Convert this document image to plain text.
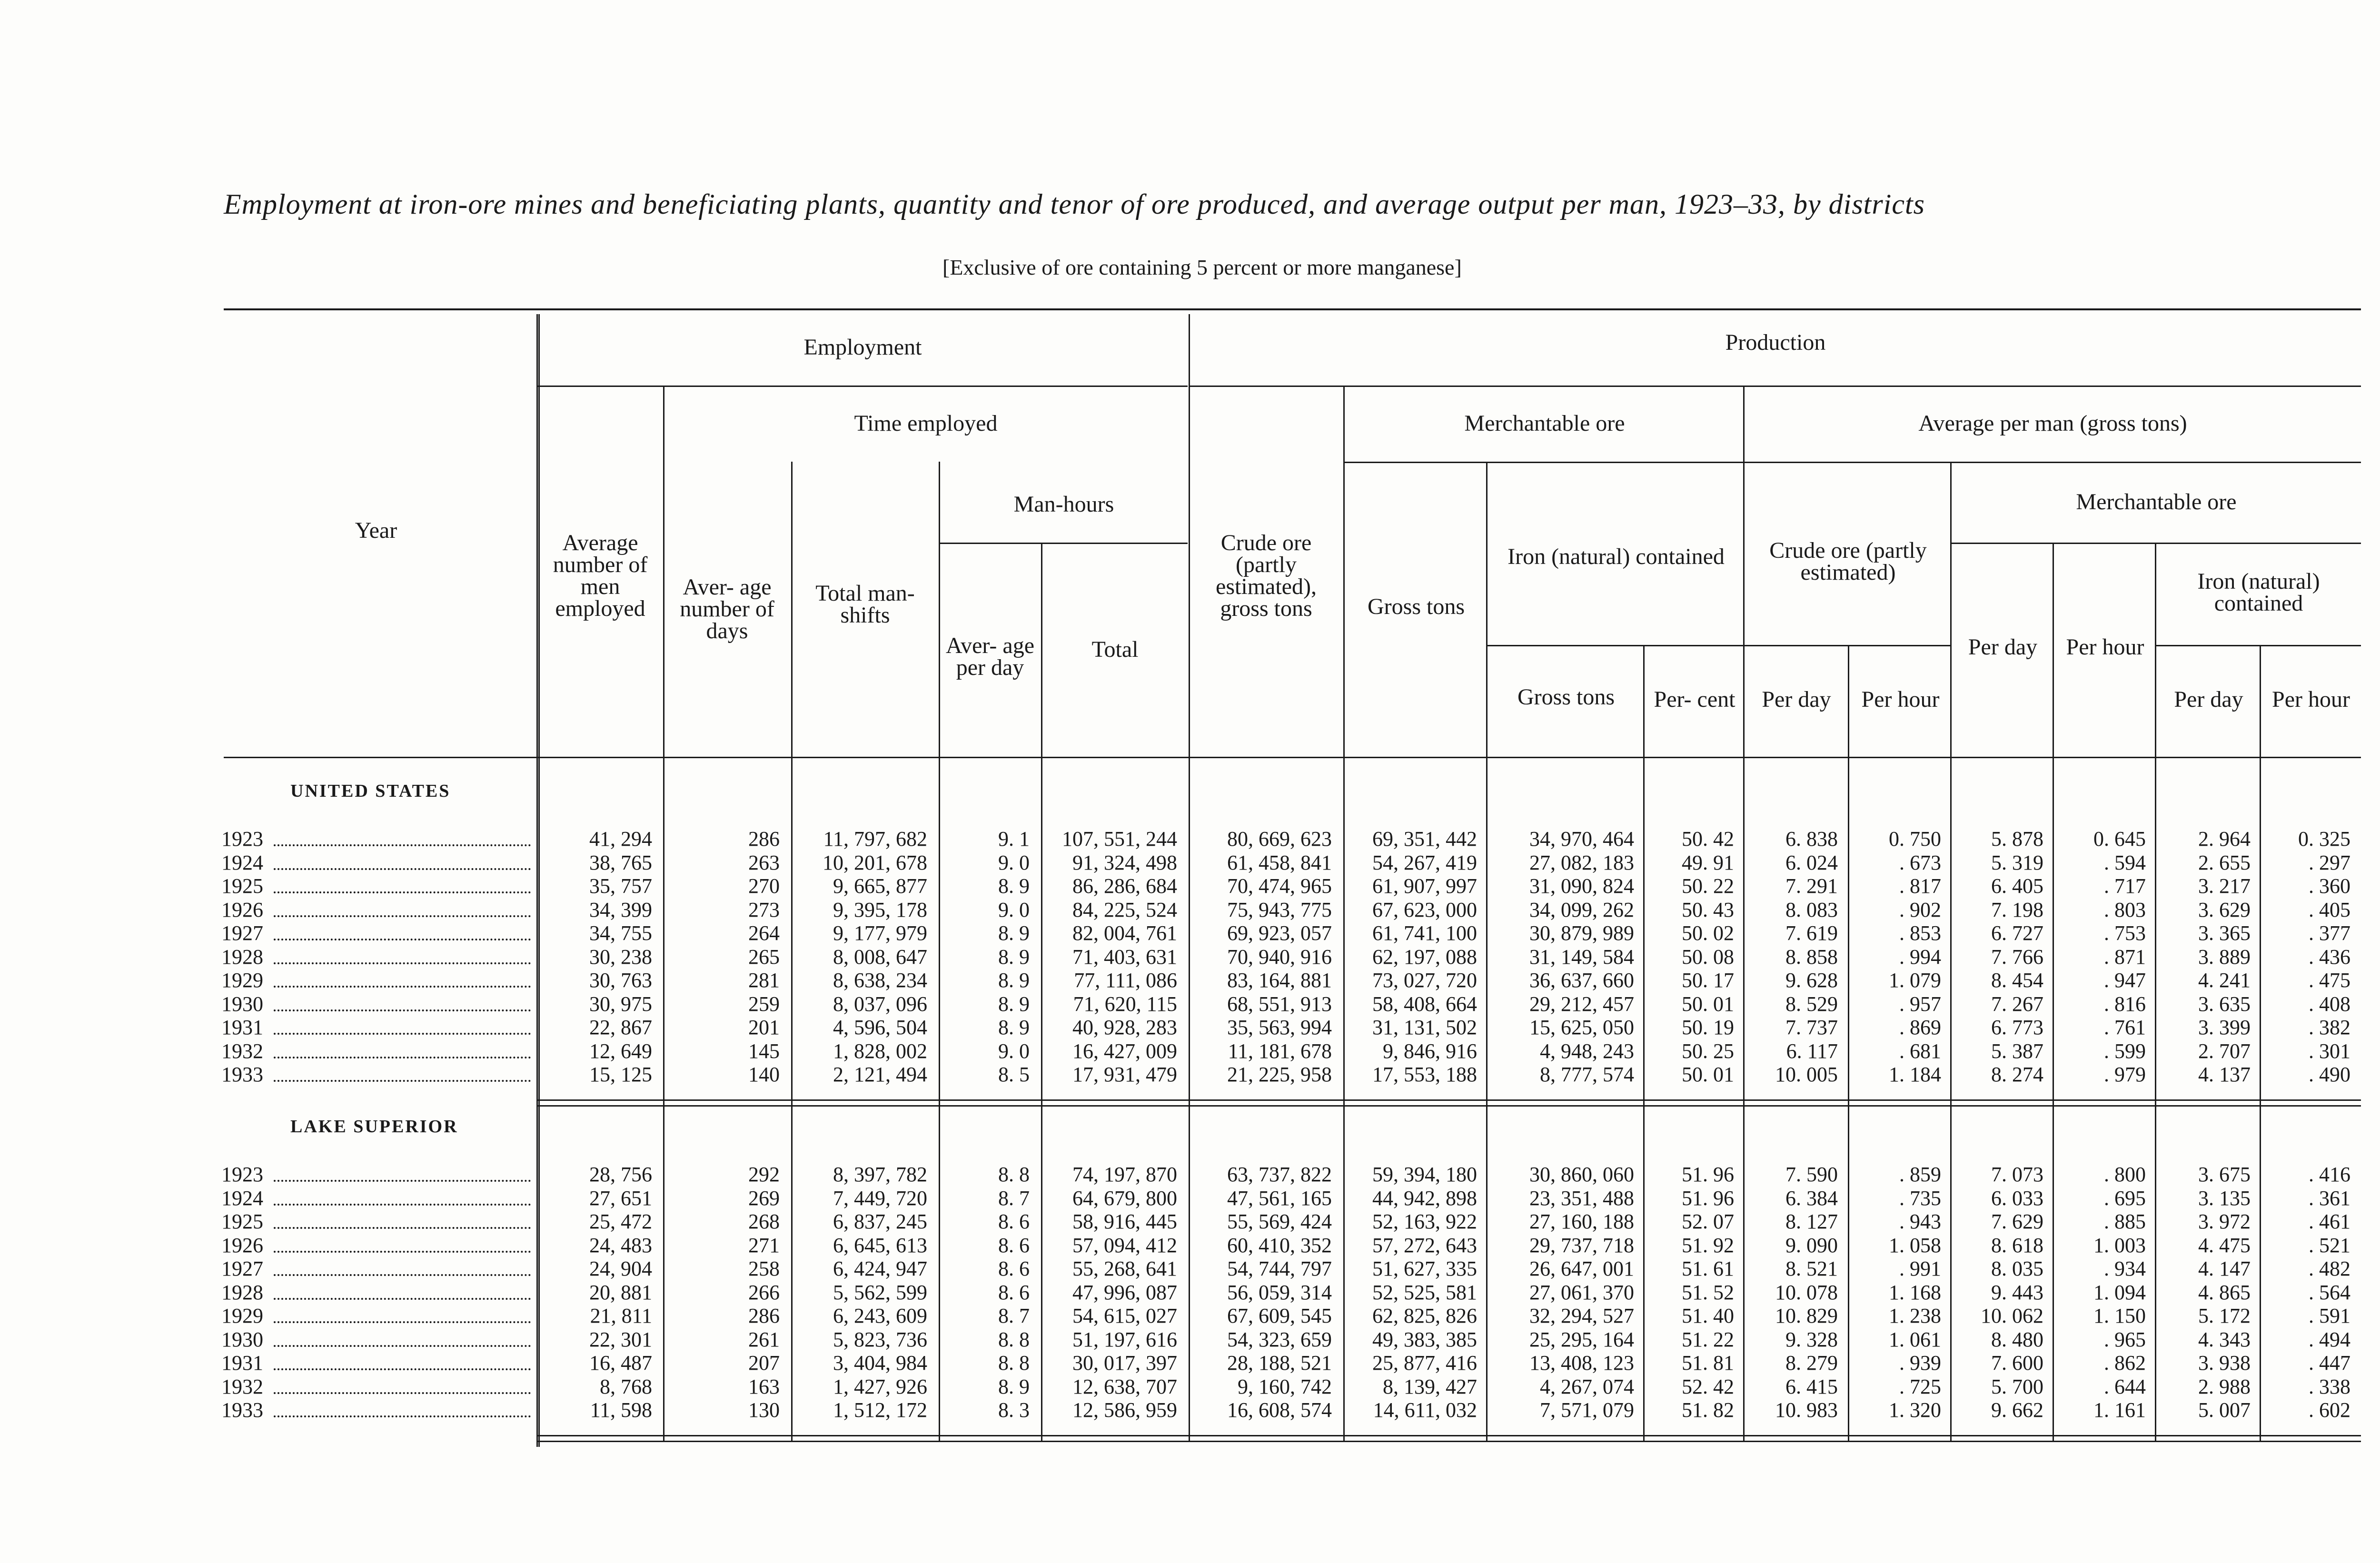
Employment at iron-ore mines and beneficiating plants, quantity and tenor of ore produced, and average output per man, 1923–33, by districts
[Exclusive of ore containing 5 percent or more manganese]
Year
Employment	Production
Time employed
Man-hours
Average number of men employed
Aver- age number of days
Total man- shifts
Aver- age per day
Total
Crude ore (partly estimated), gross tons
Merchantable ore
Gross tons
Iron (natural) contained
Gross tons	Per- cent
Average per man (gross tons)
Crude ore (partly estimated)
Merchantable ore
Iron (natural) contained
Per day	Per hour
Per day	Per hour
Per day	Per hour
UNITED STATES
1923	41, 294	286	11, 797, 682	9. 1	107, 551, 244	80, 669, 623	69, 351, 442	34, 970, 464	50. 42	6. 838	0. 750	5. 878	0. 645	2. 964	0. 325
1924	38, 765	263	10, 201, 678	9. 0	91, 324, 498	61, 458, 841	54, 267, 419	27, 082, 183	49. 91	6. 024	. 673	5. 319	. 594	2. 655	. 297
1925	35, 757	270	9, 665, 877	8. 9	86, 286, 684	70, 474, 965	61, 907, 997	31, 090, 824	50. 22	7. 291	. 817	6. 405	. 717	3. 217	. 360
1926	34, 399	273	9, 395, 178	9. 0	84, 225, 524	75, 943, 775	67, 623, 000	34, 099, 262	50. 43	8. 083	. 902	7. 198	. 803	3. 629	. 405
1927	34, 755	264	9, 177, 979	8. 9	82, 004, 761	69, 923, 057	61, 741, 100	30, 879, 989	50. 02	7. 619	. 853	6. 727	. 753	3. 365	. 377
1928	30, 238	265	8, 008, 647	8. 9	71, 403, 631	70, 940, 916	62, 197, 088	31, 149, 584	50. 08	8. 858	. 994	7. 766	. 871	3. 889	. 436
1929	30, 763	281	8, 638, 234	8. 9	77, 111, 086	83, 164, 881	73, 027, 720	36, 637, 660	50. 17	9. 628	1. 079	8. 454	. 947	4. 241	. 475
1930	30, 975	259	8, 037, 096	8. 9	71, 620, 115	68, 551, 913	58, 408, 664	29, 212, 457	50. 01	8. 529	. 957	7. 267	. 816	3. 635	. 408
1931	22, 867	201	4, 596, 504	8. 9	40, 928, 283	35, 563, 994	31, 131, 502	15, 625, 050	50. 19	7. 737	. 869	6. 773	. 761	3. 399	. 382
1932	12, 649	145	1, 828, 002	9. 0	16, 427, 009	11, 181, 678	9, 846, 916	4, 948, 243	50. 25	6. 117	. 681	5. 387	. 599	2. 707	. 301
1933	15, 125	140	2, 121, 494	8. 5	17, 931, 479	21, 225, 958	17, 553, 188	8, 777, 574	50. 01	10. 005	1. 184	8. 274	. 979	4. 137	. 490
LAKE SUPERIOR
1923	28, 756	292	8, 397, 782	8. 8	74, 197, 870	63, 737, 822	59, 394, 180	30, 860, 060	51. 96	7. 590	. 859	7. 073	. 800	3. 675	. 416
1924	27, 651	269	7, 449, 720	8. 7	64, 679, 800	47, 561, 165	44, 942, 898	23, 351, 488	51. 96	6. 384	. 735	6. 033	. 695	3. 135	. 361
1925	25, 472	268	6, 837, 245	8. 6	58, 916, 445	55, 569, 424	52, 163, 922	27, 160, 188	52. 07	8. 127	. 943	7. 629	. 885	3. 972	. 461
1926	24, 483	271	6, 645, 613	8. 6	57, 094, 412	60, 410, 352	57, 272, 643	29, 737, 718	51. 92	9. 090	1. 058	8. 618	1. 003	4. 475	. 521
1927	24, 904	258	6, 424, 947	8. 6	55, 268, 641	54, 744, 797	51, 627, 335	26, 647, 001	51. 61	8. 521	. 991	8. 035	. 934	4. 147	. 482
1928	20, 881	266	5, 562, 599	8. 6	47, 996, 087	56, 059, 314	52, 525, 581	27, 061, 370	51. 52	10. 078	1. 168	9. 443	1. 094	4. 865	. 564
1929	21, 811	286	6, 243, 609	8. 7	54, 615, 027	67, 609, 545	62, 825, 826	32, 294, 527	51. 40	10. 829	1. 238	10. 062	1. 150	5. 172	. 591
1930	22, 301	261	5, 823, 736	8. 8	51, 197, 616	54, 323, 659	49, 383, 385	25, 295, 164	51. 22	9. 328	1. 061	8. 480	. 965	4. 343	. 494
1931	16, 487	207	3, 404, 984	8. 8	30, 017, 397	28, 188, 521	25, 877, 416	13, 408, 123	51. 81	8. 279	. 939	7. 600	. 862	3. 938	. 447
1932	8, 768	163	1, 427, 926	8. 9	12, 638, 707	9, 160, 742	8, 139, 427	4, 267, 074	52. 42	6. 415	. 725	5. 700	. 644	2. 988	. 338
1933	11, 598	130	1, 512, 172	8. 3	12, 586, 959	16, 608, 574	14, 611, 032	7, 571, 079	51. 82	10. 983	1. 320	9. 662	1. 161	5. 007	. 602
